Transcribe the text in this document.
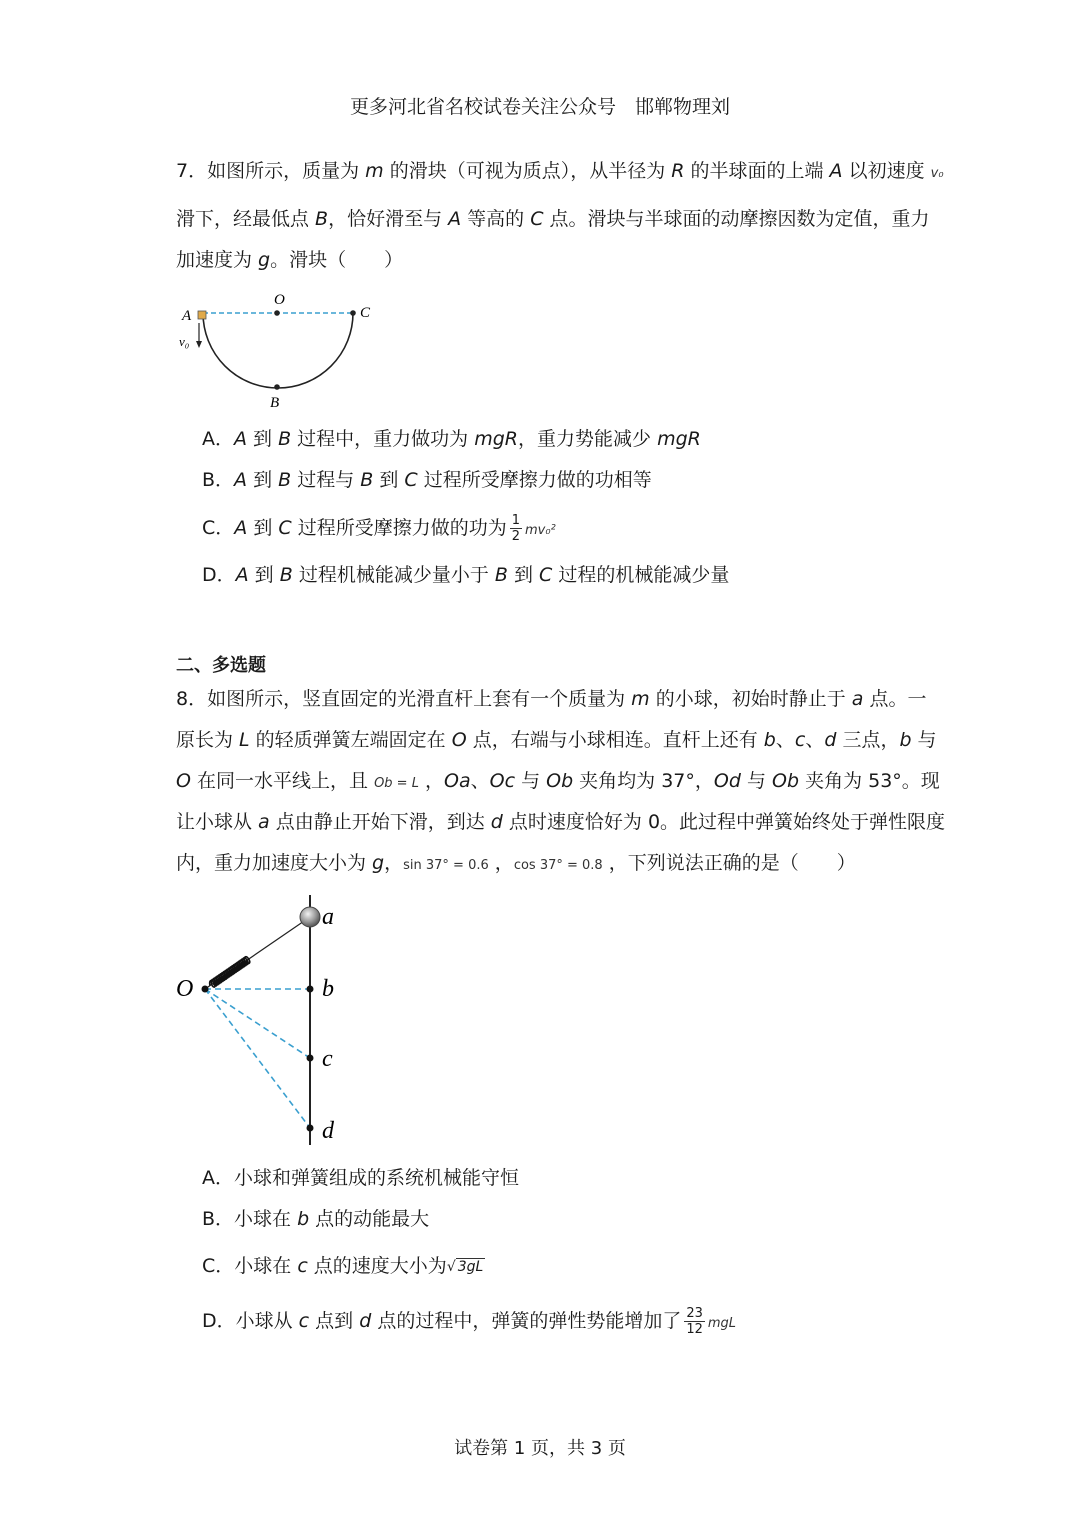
更多河北省名校试卷关注公众号　邯郸物理刘
7．如图所示，质量为 m 的滑块（可视为质点），从半径为 R 的半球面的上端 A 以初速度 v₀
滑下，经最低点 B，恰好滑至与 A 等高的 C 点。滑块与半球面的动摩擦因数为定值，重力
加速度为 g。滑块（　　）
O
A	C
B
v₀
A．A 到 B 过程中，重力做功为 mgR，重力势能减少 mgR
B．A 到 B 过程与 B 到 C 过程所受摩擦力做的功相等
C．A 到 C 过程所受摩擦力做的功为 $\frac{1}{2} mv_0^2$
D．A 到 B 过程机械能减少量小于 B 到 C 过程的机械能减少量
二、多选题
8．如图所示，竖直固定的光滑直杆上套有一个质量为 m 的小球，初始时静止于 a 点。一
原长为 L 的轻质弹簧左端固定在 O 点，右端与小球相连。直杆上还有 b、c、d 三点，b 与
O 在同一水平线上，且 Ob = L ，Oa、Oc 与 Ob 夹角均为 37°，Od 与 Ob 夹角为 53°。现
让小球从 a 点由静止开始下滑，到达 d 点时速度恰好为 0。此过程中弹簧始终处于弹性限度
内，重力加速度大小为 g，sin 37° = 0.6 ，cos 37° = 0.8 ，下列说法正确的是（　　）
O
a
b
c
d
A．小球和弹簧组成的系统机械能守恒
B．小球在 b 点的动能最大
C．小球在 c 点的速度大小为√ 3gL
D．小球从 c 点到 d 点的过程中，弹簧的弹性势能增加了 $\frac{23}{12}$ mgL
试卷第 1 页，共 3 页
